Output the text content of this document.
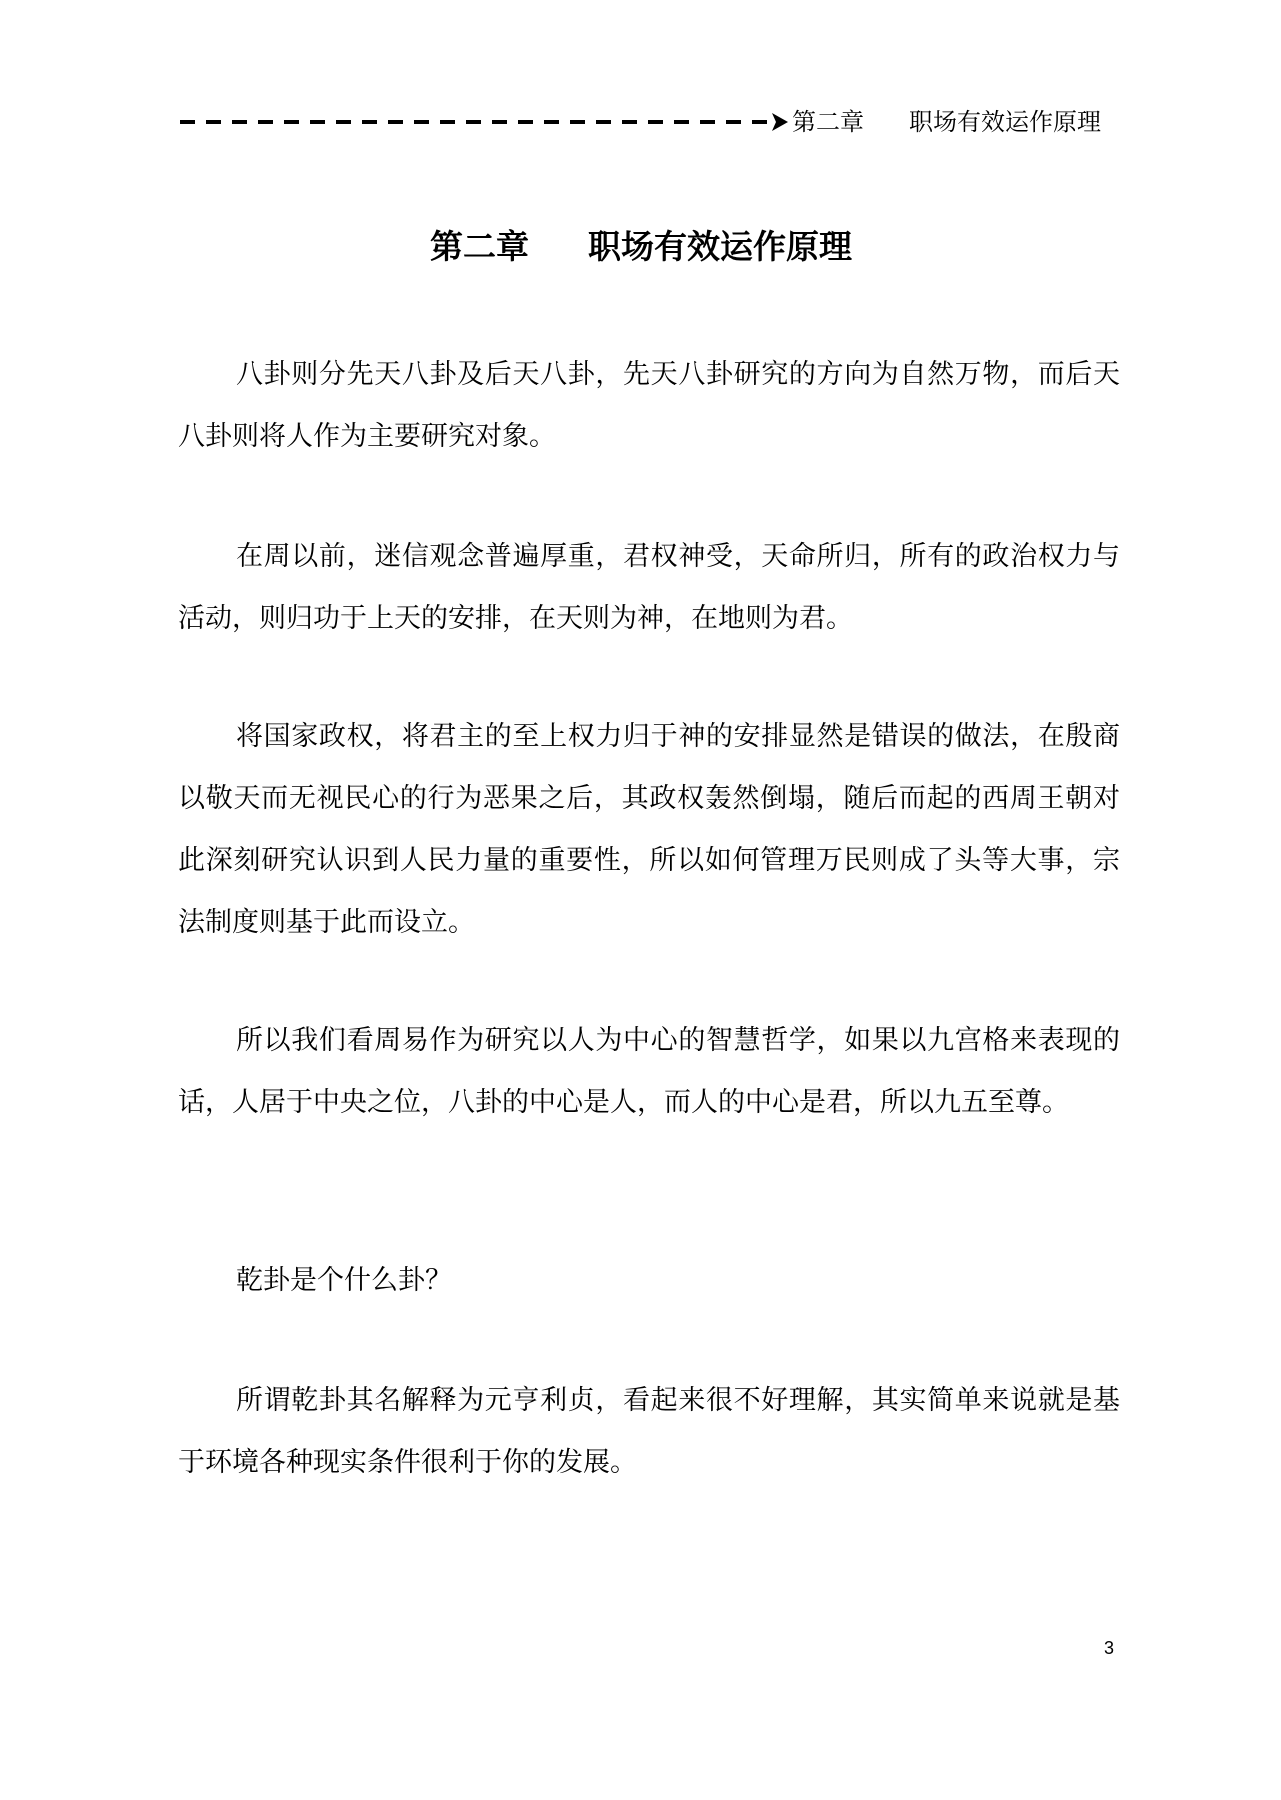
第二章 职场有效运作原理
第二章 职场有效运作原理

八卦则分先天八卦及后天八卦，先天八卦研究的方向为自然万物，而后天八卦则将人作为主要研究对象。

在周以前，迷信观念普遍厚重，君权神受，天命所归，所有的政治权力与活动，则归功于上天的安排，在天则为神，在地则为君。

将国家政权，将君主的至上权力归于神的安排显然是错误的做法，在殷商以敬天而无视民心的行为恶果之后，其政权轰然倒塌，随后而起的西周王朝对此深刻研究认识到人民力量的重要性，所以如何管理万民则成了头等大事，宗法制度则基于此而设立。

所以我们看周易作为研究以人为中心的智慧哲学，如果以九宫格来表现的话，人居于中央之位，八卦的中心是人，而人的中心是君，所以九五至尊。

乾卦是个什么卦？

所谓乾卦其名解释为元亨利贞，看起来很不好理解，其实简单来说就是基于环境各种现实条件很利于你的发展。

3
